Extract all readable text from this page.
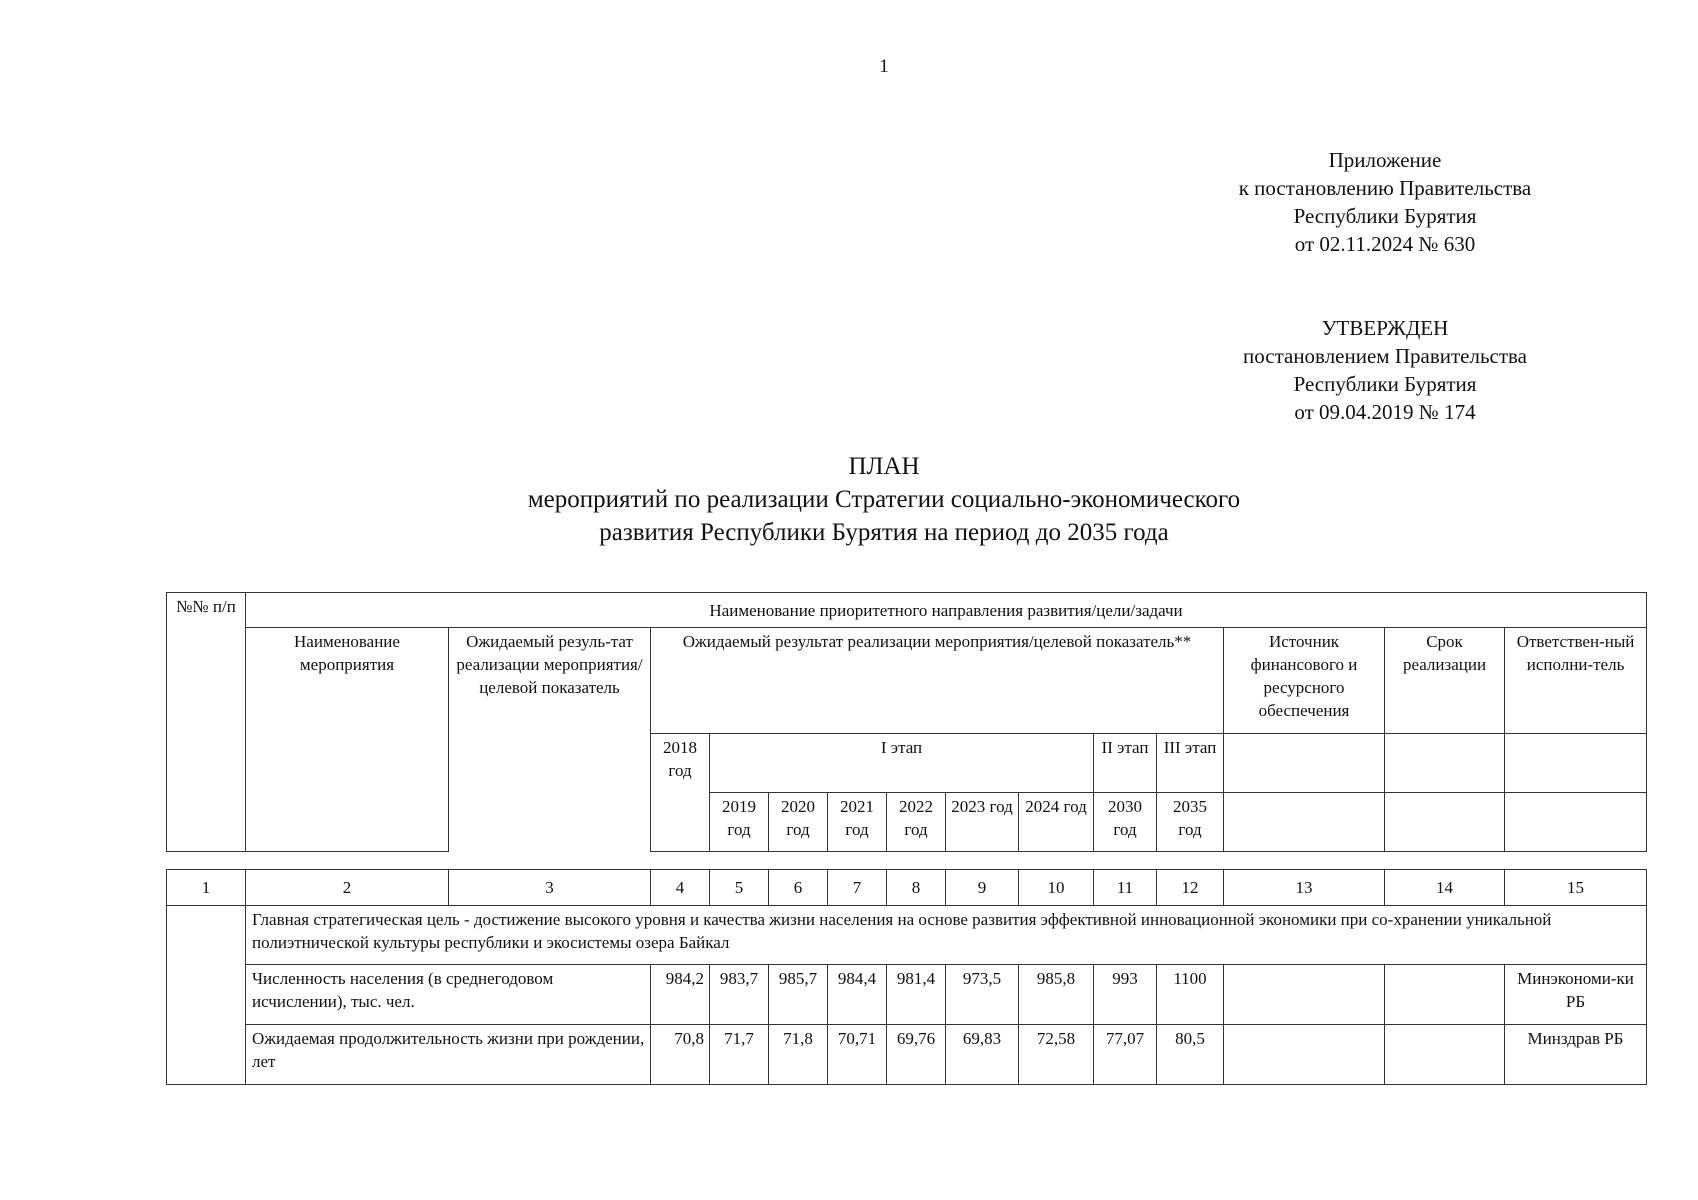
1
Приложение
к постановлению Правительства
Республики Бурятия
от 02.11.2024 № 630
УТВЕРЖДЕН
постановлением Правительства
Республики Бурятия
от 09.04.2019 № 174
ПЛАН
мероприятий по реализации Стратегии социально-экономического
развития Республики Бурятия на период до 2035 года
№№ п/п	Наименование приоритетного направления развития/цели/задачи													
	Наименование мероприятия	Ожидаемый резуль-тат реализации мероприятия/целевой показатель	Ожидаемый результат реализации мероприятия/целевой показатель**									Источник финансового и ресурсного обеспечения	Срок реализации	Ответствен-ный исполни-тель
			2018 год	I этап						II этап	III этап			
				2019 год	2020 год	2021 год	2022 год	2023 год	2024 год	2030 год	2035 год			
1	2	3	4	5	6	7	8	9	10	11	12	13	14	15
	Главная стратегическая цель - достижение высокого уровня и качества жизни населения на основе развития эффективной инновационной экономики при со-хранении уникальной полиэтнической культуры республики и экосистемы озера Байкал													
	Численность населения (в среднегодовом исчислении), тыс. чел.		984,2	983,7	985,7	984,4	981,4	973,5	985,8	993	1100			Минэкономи-ки РБ
	Ожидаемая продолжительность жизни при рождении, лет		70,8	71,7	71,8	70,71	69,76	69,83	72,58	77,07	80,5			Минздрав РБ
